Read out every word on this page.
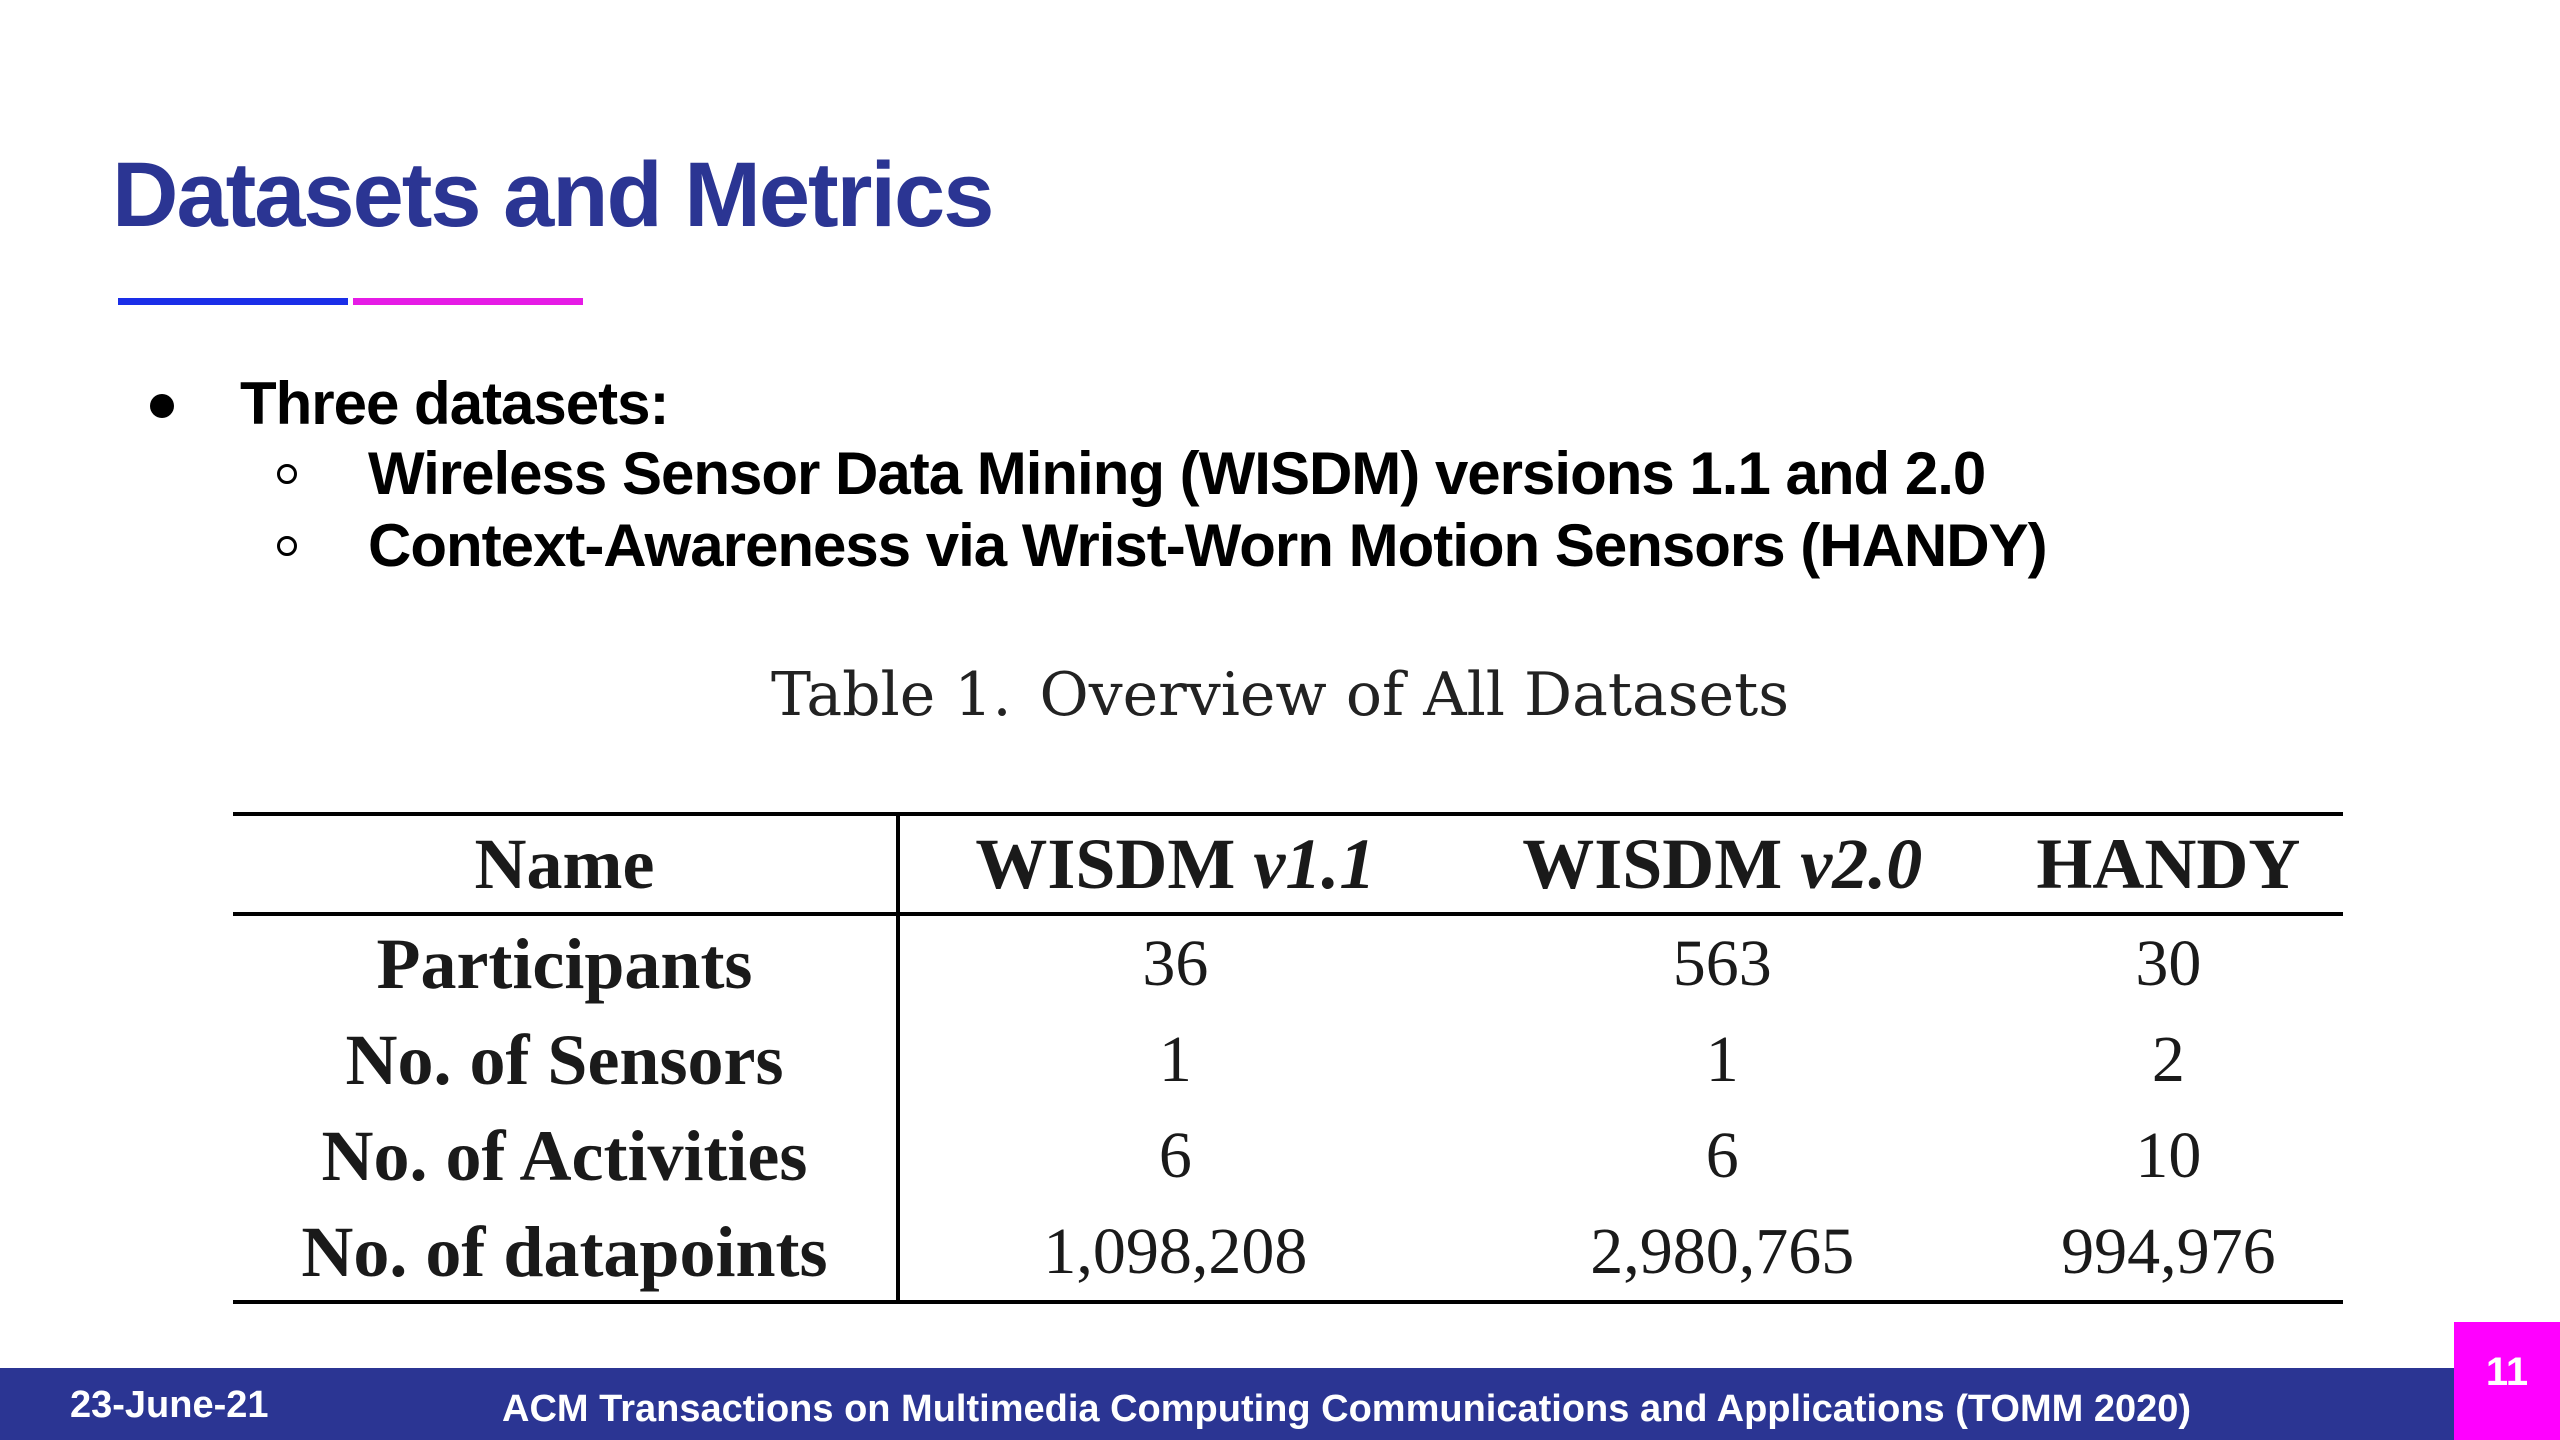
Datasets and Metrics
Three datasets:
Wireless Sensor Data Mining (WISDM) versions 1.1 and 2.0
Context-Awareness via Wrist-Worn Motion Sensors (HANDY)

Table 1. Overview of All Datasets

Name	WISDM v1.1	WISDM v2.0	HANDY
Participants	36	563	30
No. of Sensors	1	1	2
No. of Activities	6	6	10
No. of datapoints	1,098,208	2,980,765	994,976
23-June-21	ACM Transactions on Multimedia Computing Communications and Applications (TOMM 2020)
11
